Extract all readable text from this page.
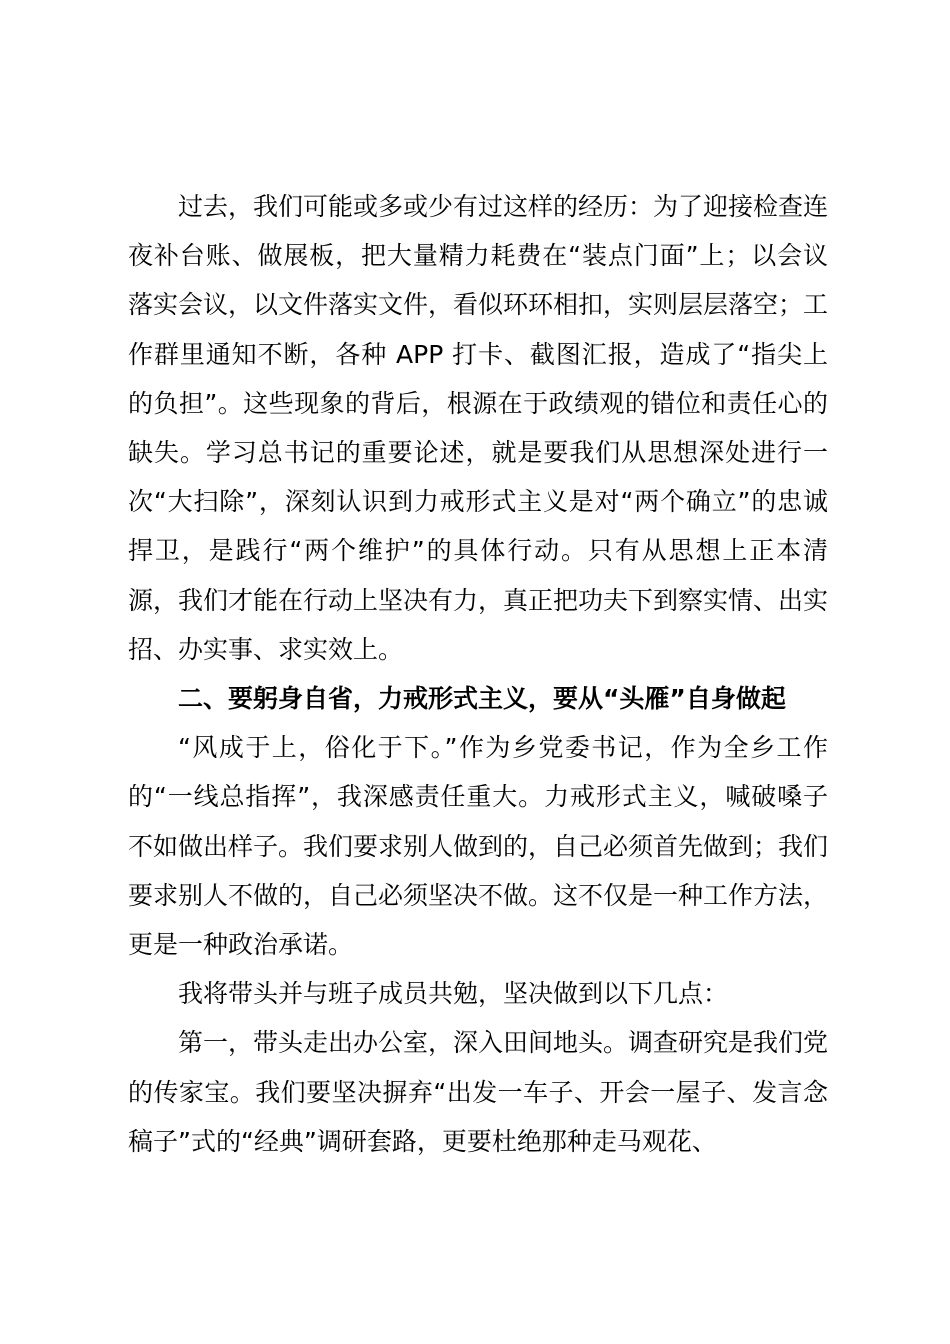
过去，我们可能或多或少有过这样的经历：为了迎接检查连夜补台账、做展板，把大量精力耗费在“装点门面”上；以会议落实会议，以文件落实文件，看似环环相扣，实则层层落空；工作群里通知不断，各种 APP 打卡、截图汇报，造成了“指尖上的负担”。这些现象的背后，根源在于政绩观的错位和责任心的缺失。学习总书记的重要论述，就是要我们从思想深处进行一次“大扫除”，深刻认识到力戒形式主义是对“两个确立”的忠诚捍卫，是践行“两个维护”的具体行动。只有从思想上正本清源，我们才能在行动上坚决有力，真正把功夫下到察实情、出实招、办实事、求实效上。

二、要躬身自省，力戒形式主义，要从“头雁”自身做起

“风成于上，俗化于下。”作为乡党委书记，作为全乡工作的“一线总指挥”，我深感责任重大。力戒形式主义，喊破嗓子不如做出样子。我们要求别人做到的，自己必须首先做到；我们要求别人不做的，自己必须坚决不做。这不仅是一种工作方法，更是一种政治承诺。

我将带头并与班子成员共勉，坚决做到以下几点：

第一，带头走出办公室，深入田间地头。调查研究是我们党的传家宝。我们要坚决摒弃“出发一车子、开会一屋子、发言念稿子”式的“经典”调研套路，更要杜绝那种走马观花、
